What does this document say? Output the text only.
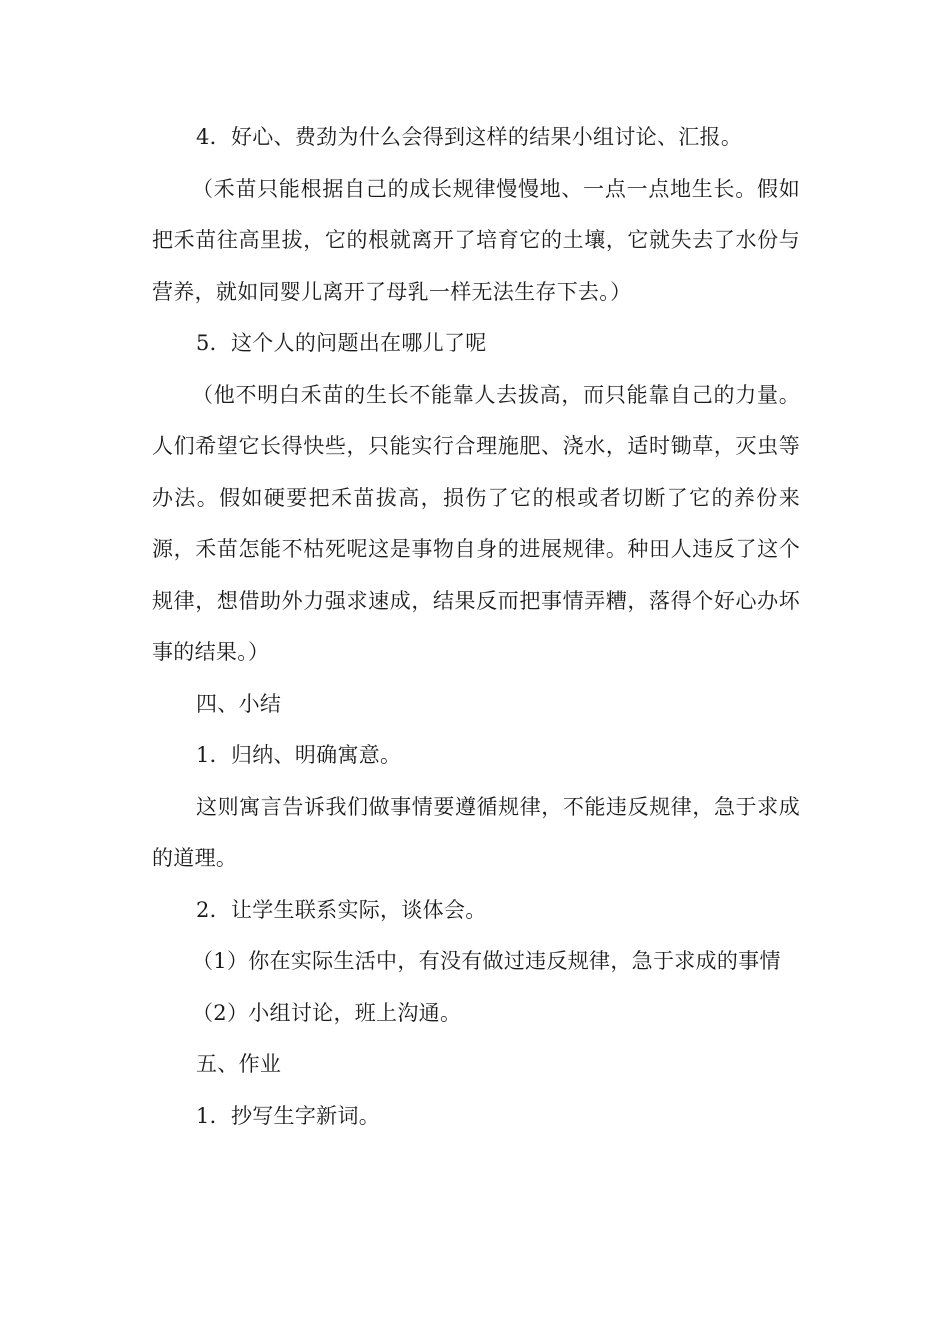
4．好心、费劲为什么会得到这样的结果小组讨论、汇报。

（禾苗只能根据自己的成长规律慢慢地、一点一点地生长。假如把禾苗往高里拔，它的根就离开了培育它的土壤，它就失去了水份与营养，就如同婴儿离开了母乳一样无法生存下去。）

5．这个人的问题出在哪儿了呢

（他不明白禾苗的生长不能靠人去拔高，而只能靠自己的力量。人们希望它长得快些，只能实行合理施肥、浇水，适时锄草，灭虫等办法。假如硬要把禾苗拔高，损伤了它的根或者切断了它的养份来源，禾苗怎能不枯死呢这是事物自身的进展规律。种田人违反了这个规律，想借助外力强求速成，结果反而把事情弄糟，落得个好心办坏事的结果。）

四、小结

1．归纳、明确寓意。

这则寓言告诉我们做事情要遵循规律，不能违反规律，急于求成的道理。

2．让学生联系实际，谈体会。

（1）你在实际生活中，有没有做过违反规律，急于求成的事情

（2）小组讨论，班上沟通。

五、作业

1．抄写生字新词。
